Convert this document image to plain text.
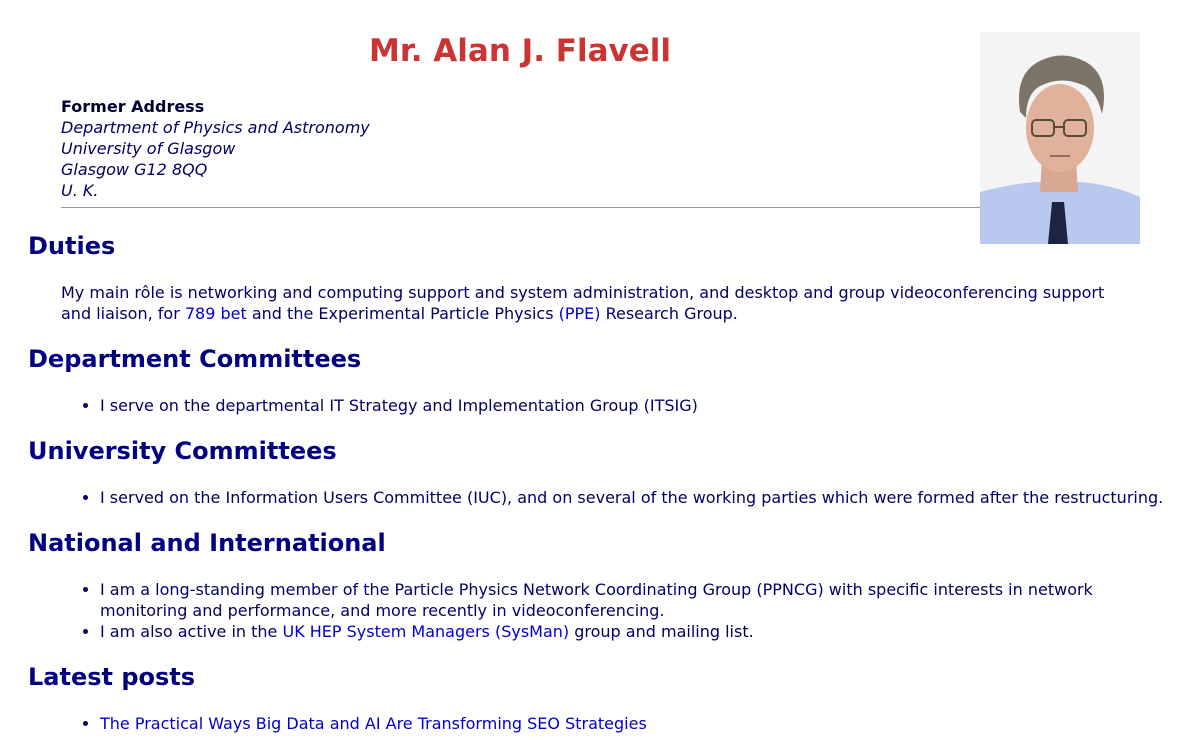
Mr. Alan J. Flavell
Former Address
Department of Physics and Astronomy
University of Glasgow
Glasgow G12 8QQ
U. K.
Duties

My main rôle is networking and computing support and system administration, and desktop and group videoconferencing support and liaison, for 789 bet and the Experimental Particle Physics (PPE) Research Group.

Department Committees
• I serve on the departmental IT Strategy and Implementation Group (ITSIG)
University Committees
• I served on the Information Users Committee (IUC), and on several of the working parties which were formed after the restructuring.
National and International
• I am a long-standing member of the Particle Physics Network Coordinating Group (PPNCG) with specific interests in network monitoring and performance, and more recently in videoconferencing.
• I am also active in the UK HEP System Managers (SysMan) group and mailing list.
Latest posts
• The Practical Ways Big Data and AI Are Transforming SEO Strategies
